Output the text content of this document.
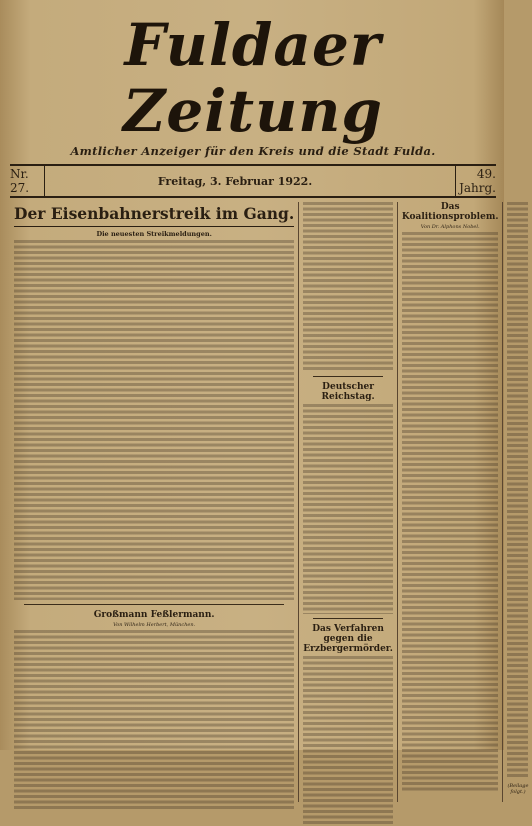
Fuldaer Zeitung
Amtlicher Anzeiger für den Kreis und die Stadt Fulda.
Nr. 27.	Freitag, 3. Februar 1922.	49. Jahrg.
Der Eisenbahnerstreik im Gang.
Die neuesten Streikmeldungen.
Großmann Feßlermann.
Von Wilhelm Herbert, München.
Deutscher Reichstag.
Das Verfahren gegen die Erzbergermörder.
Das Koalitionsproblem.
Von Dr. Alphons Nobel.
(Beilage folgt.)
